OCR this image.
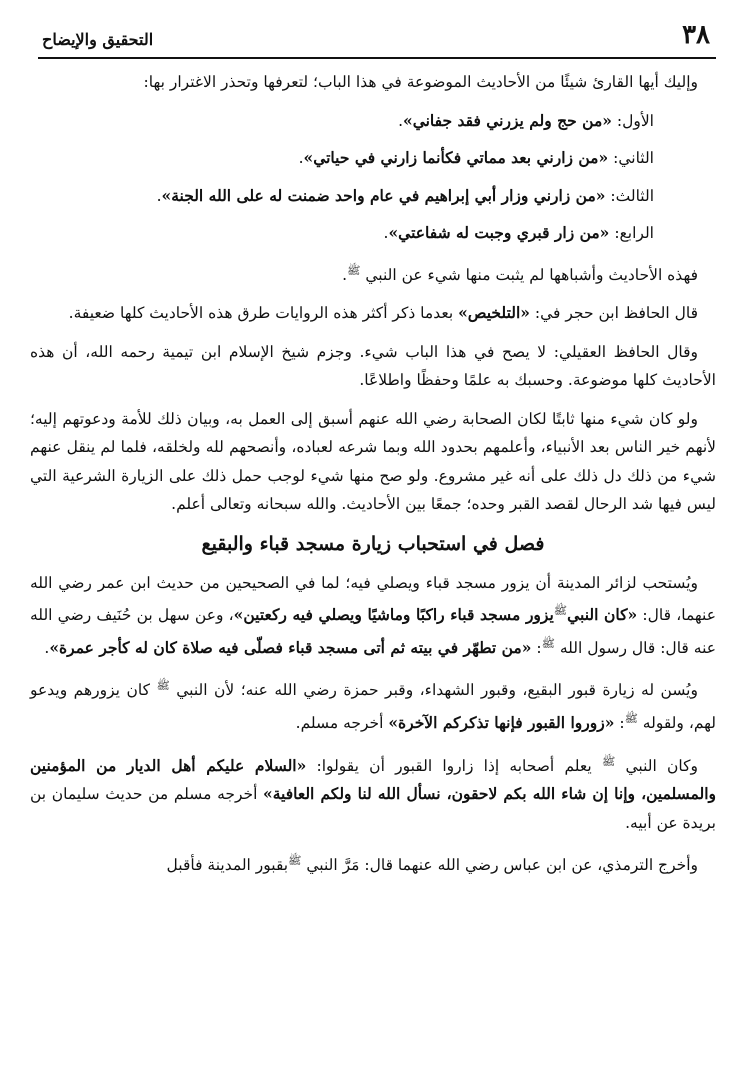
٣٨
التحقيق والإيضاح

وإليك أيها القارئ شيئًا من الأحاديث الموضوعة في هذا الباب؛ لتعرفها وتحذر الاغترار بها:

الأول: «من حج ولم يزرني فقد جفاني».

الثاني: «من زارني بعد مماتي فكأنما زارني في حياتي».

الثالث: «من زارني وزار أبي إبراهيم في عام واحد ضمنت له على الله الجنة».

الرابع: «من زار قبري وجبت له شفاعتي».

فهذه الأحاديث وأشباهها لم يثبت منها شيء عن النبي $^ﷺ$.

قال الحافظ ابن حجر في: «التلخيص» بعدما ذكر أكثر هذه الروايات طرق هذه الأحاديث كلها ضعيفة.

وقال الحافظ العقيلي: لا يصح في هذا الباب شيء. وجزم شيخ الإسلام ابن تيمية رحمه الله، أن هذه الأحاديث كلها موضوعة. وحسبك به علمًا وحفظًا واطلاعًا.

ولو كان شيء منها ثابتًا لكان الصحابة رضي الله عنهم أسبق إلى العمل به، وبيان ذلك للأمة ودعوتهم إليه؛ لأنهم خير الناس بعد الأنبياء، وأعلمهم بحدود الله وبما شرعه لعباده، وأنصحهم لله ولخلقه، فلما لم ينقل عنهم شيء من ذلك دل ذلك على أنه غير مشروع. ولو صح منها شيء لوجب حمل ذلك على الزيارة الشرعية التي ليس فيها شد الرحال لقصد القبر وحده؛ جمعًا بين الأحاديث. والله سبحانه وتعالى أعلم.

فصل في استحباب زيارة مسجد قباء والبقيع

ويُستحب لزائر المدينة أن يزور مسجد قباء ويصلي فيه؛ لما في الصحيحين من حديث ابن عمر رضي الله عنهما، قال: «كان النبي$^ﷺ$يزور مسجد قباء راكبًا وماشيًا ويصلي فيه ركعتين»، وعن سهل بن حُنَيف رضي الله عنه قال: قال رسول الله $^ﷺ$: «من تطهّر في بيته ثم أتى مسجد قباء فصلّى فيه صلاة كان له كأجر عمرة».

ويُسن له زيارة قبور البقيع، وقبور الشهداء، وقبر حمزة رضي الله عنه؛ لأن النبي $^ﷺ$ كان يزورهم ويدعو لهم، ولقوله $^ﷺ$: «زوروا القبور فإنها تذكركم الآخرة» أخرجه مسلم.

وكان النبي $^ﷺ$ يعلم أصحابه إذا زاروا القبور أن يقولوا: «السلام عليكم أهل الديار من المؤمنين والمسلمين، وإنا إن شاء الله بكم لاحقون، نسأل الله لنا ولكم العافية» أخرجه مسلم من حديث سليمان بن بريدة عن أبيه.

وأخرج الترمذي، عن ابن عباس رضي الله عنهما قال: مَرَّ النبي $^ﷺ$بقبور المدينة فأقبل
